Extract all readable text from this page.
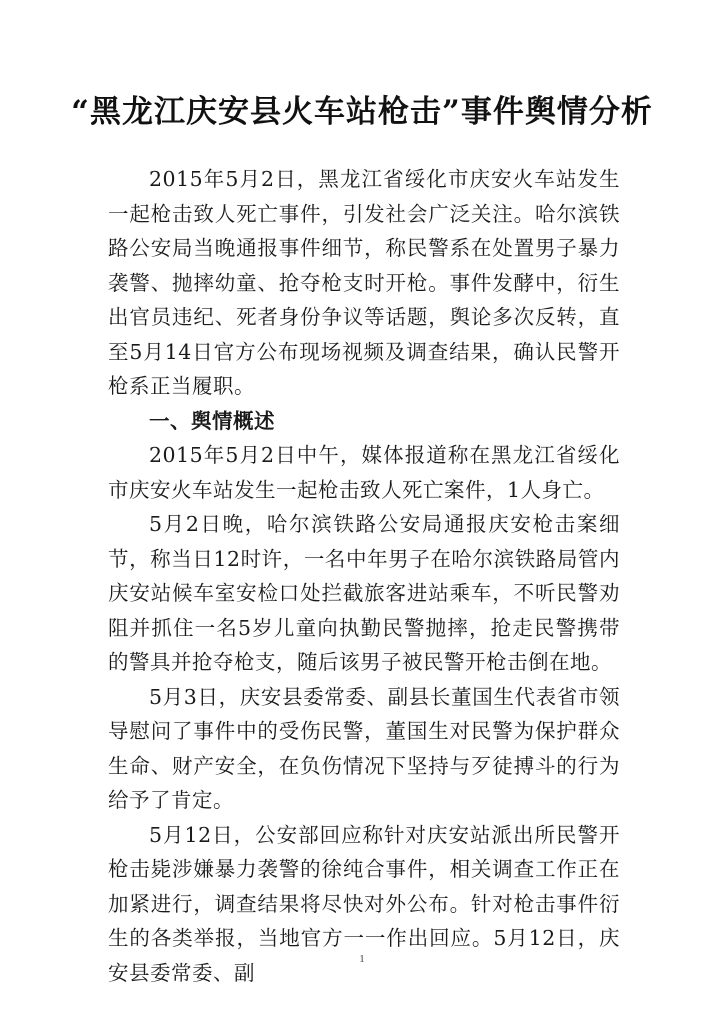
“黑龙江庆安县火车站枪击”事件舆情分析

2015年5月2日，黑龙江省绥化市庆安火车站发生一起枪击致人死亡事件，引发社会广泛关注。哈尔滨铁路公安局当晚通报事件细节，称民警系在处置男子暴力袭警、抛摔幼童、抢夺枪支时开枪。事件发酵中，衍生出官员违纪、死者身份争议等话题，舆论多次反转，直至5月14日官方公布现场视频及调查结果，确认民警开枪系正当履职。

一、舆情概述

2015年5月2日中午，媒体报道称在黑龙江省绥化市庆安火车站发生一起枪击致人死亡案件，1人身亡。

5月2日晚，哈尔滨铁路公安局通报庆安枪击案细节，称当日12时许，一名中年男子在哈尔滨铁路局管内庆安站候车室安检口处拦截旅客进站乘车，不听民警劝阻并抓住一名5岁儿童向执勤民警抛摔，抢走民警携带的警具并抢夺枪支，随后该男子被民警开枪击倒在地。

5月3日，庆安县委常委、副县长董国生代表省市领导慰问了事件中的受伤民警，董国生对民警为保护群众生命、财产安全，在负伤情况下坚持与歹徒搏斗的行为给予了肯定。

5月12日，公安部回应称针对庆安站派出所民警开枪击毙涉嫌暴力袭警的徐纯合事件，相关调查工作正在加紧进行，调查结果将尽快对外公布。针对枪击事件衍生的各类举报，当地官方一一作出回应。5月12日，庆安县委常委、副

1
